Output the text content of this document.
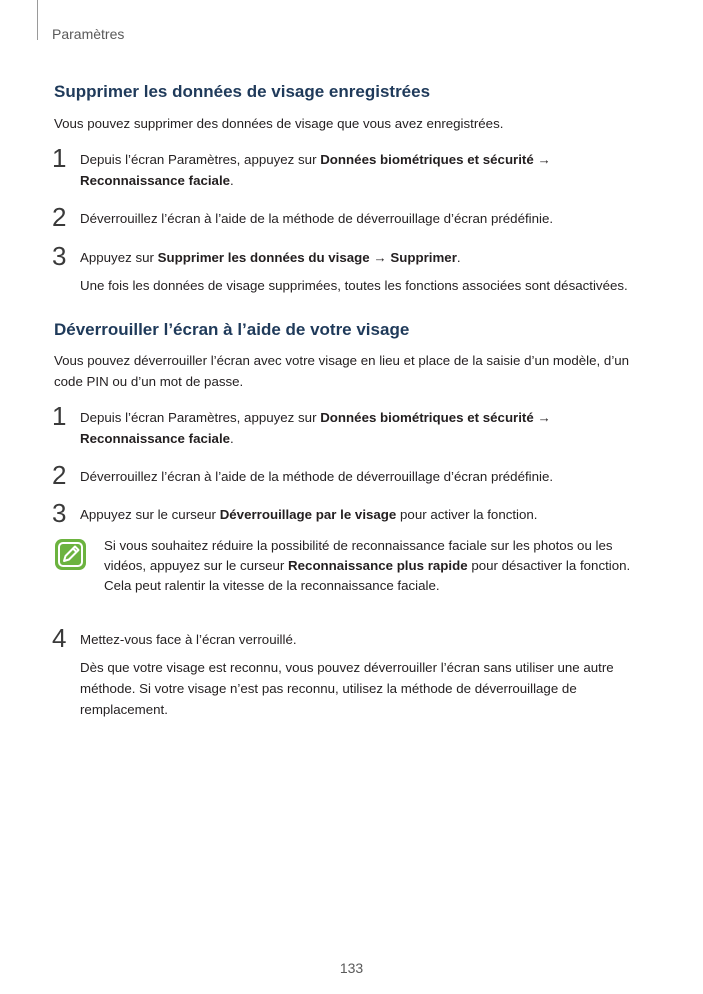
Paramètres
Supprimer les données de visage enregistrées

Vous pouvez supprimer des données de visage que vous avez enregistrées.

1 Depuis l’écran Paramètres, appuyez sur Données biométriques et sécurité → Reconnaissance faciale.
2 Déverrouillez l’écran à l’aide de la méthode de déverrouillage d’écran prédéfinie.
3 Appuyez sur Supprimer les données du visage → Supprimer.
Une fois les données de visage supprimées, toutes les fonctions associées sont désactivées.
Déverrouiller l’écran à l’aide de votre visage

Vous pouvez déverrouiller l’écran avec votre visage en lieu et place de la saisie d’un modèle, d’un code PIN ou d’un mot de passe.

1 Depuis l’écran Paramètres, appuyez sur Données biométriques et sécurité → Reconnaissance faciale.
2 Déverrouillez l’écran à l’aide de la méthode de déverrouillage d’écran prédéfinie.
3 Appuyez sur le curseur Déverrouillage par le visage pour activer la fonction.
Si vous souhaitez réduire la possibilité de reconnaissance faciale sur les photos ou les vidéos, appuyez sur le curseur Reconnaissance plus rapide pour désactiver la fonction. Cela peut ralentir la vitesse de la reconnaissance faciale.
4 Mettez-vous face à l’écran verrouillé.
Dès que votre visage est reconnu, vous pouvez déverrouiller l’écran sans utiliser une autre méthode. Si votre visage n’est pas reconnu, utilisez la méthode de déverrouillage de remplacement.
133
